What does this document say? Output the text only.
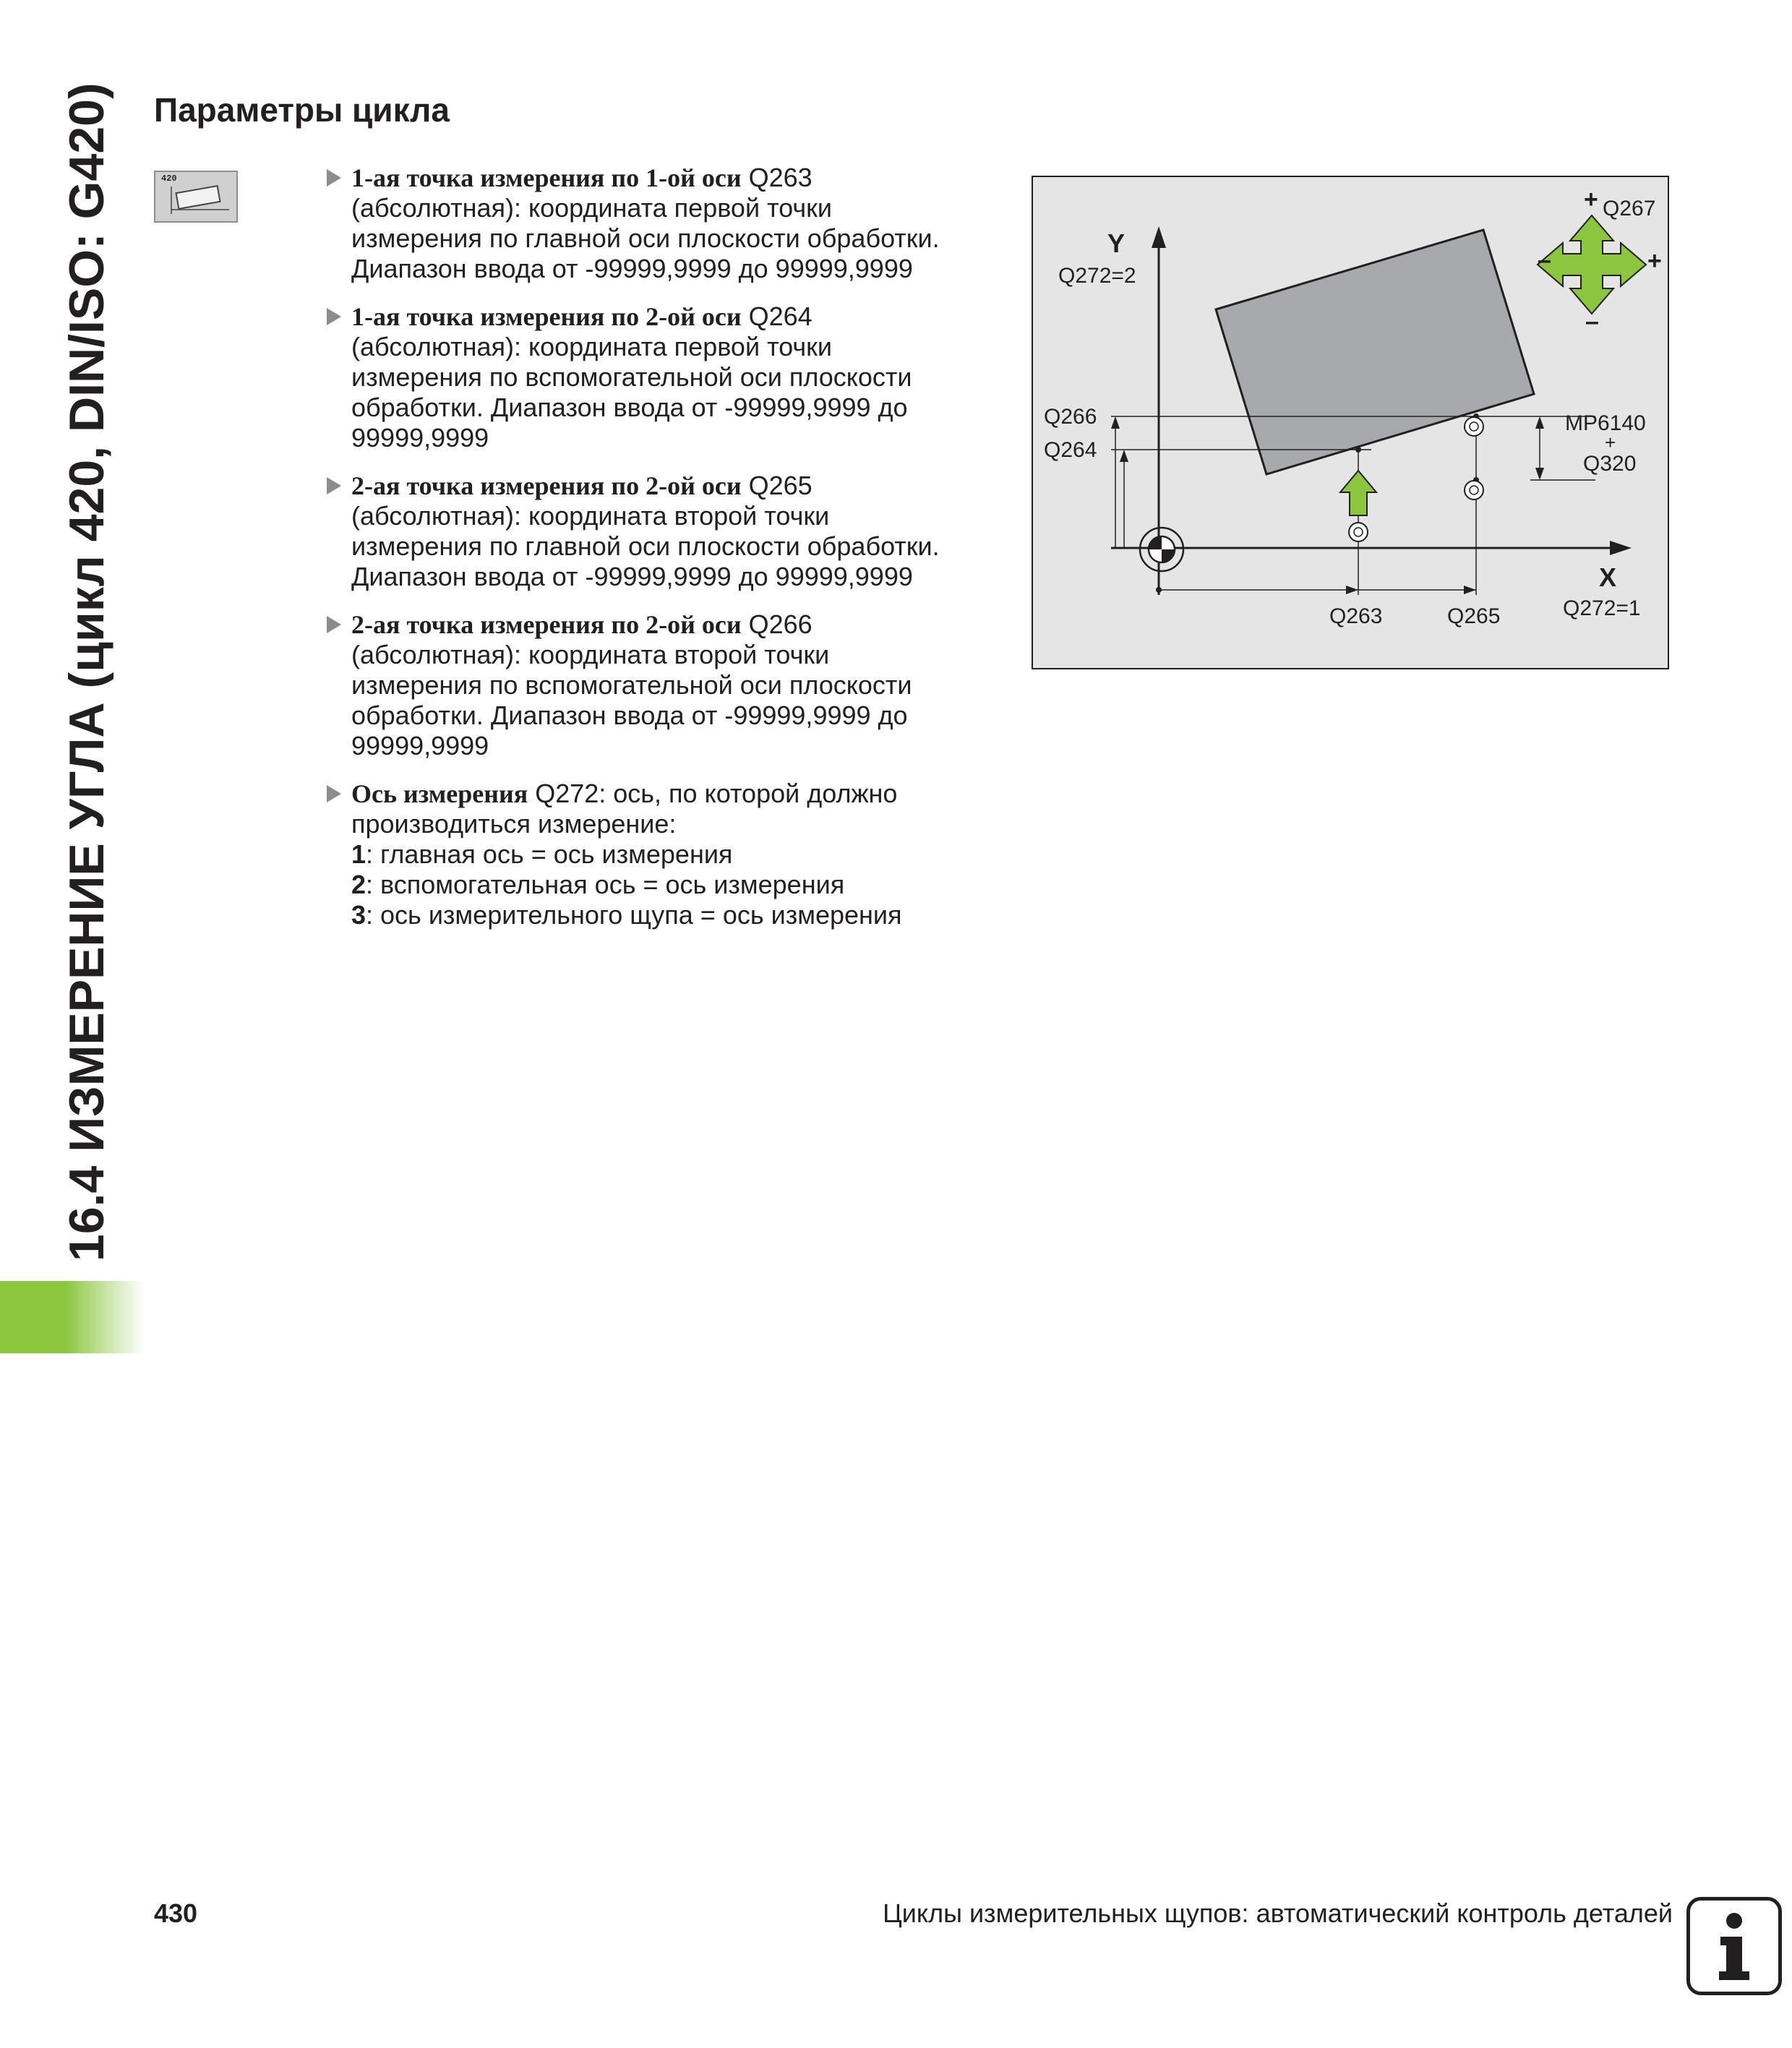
16.4 ИЗМЕРЕНИЕ УГЛА (цикл 420, DIN/ISO: G420) Параметры цикла
420	1-ая точка измерения по 1-ой оси Q263
(абсолютная): координата первой точки
измерения по главной оси плоскости обработки.
Диапазон ввода от -99999,9999 до 99999,9999
1-ая точка измерения по 2-ой оси Q264
(абсолютная): координата первой точки
измерения по вспомогательной оси плоскости
обработки. Диапазон ввода от -99999,9999 до
99999,9999
2-ая точка измерения по 2-ой оси Q265
(абсолютная): координата второй точки
измерения по главной оси плоскости обработки.
Диапазон ввода от -99999,9999 до 99999,9999
2-ая точка измерения по 2-ой оси Q266
(абсолютная): координата второй точки
измерения по вспомогательной оси плоскости
обработки. Диапазон ввода от -99999,9999 до
99999,9999
Ось измерения Q272: ось, по которой должно
производиться измерение:
1: главная ось = ось измерения
2: вспомогательная ось = ось измерения
3: ось измерительного щупа = ось измерения
Y
Q272=2
Q266
Q264
Q263	Q265
X
Q272=1
MP6140
+
Q320
Q267
+
+
–
–
430	Циклы измерительных щупов: автоматический контроль деталей
